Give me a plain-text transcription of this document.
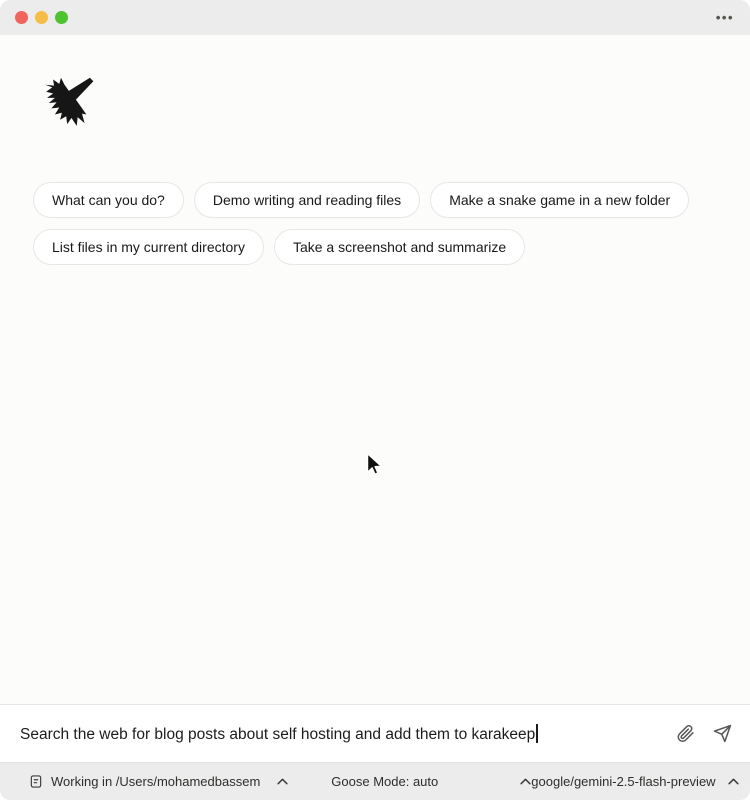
•••
What can you do?	Demo writing and reading files	Make a snake game in a new folder
List files in my current directory	Take a screenshot and summarize
Search the web for blog posts about self hosting and add them to karakeep
Working in /Users/mohamedbassem	Goose Mode: auto	google/gemini-2.5-flash-preview
